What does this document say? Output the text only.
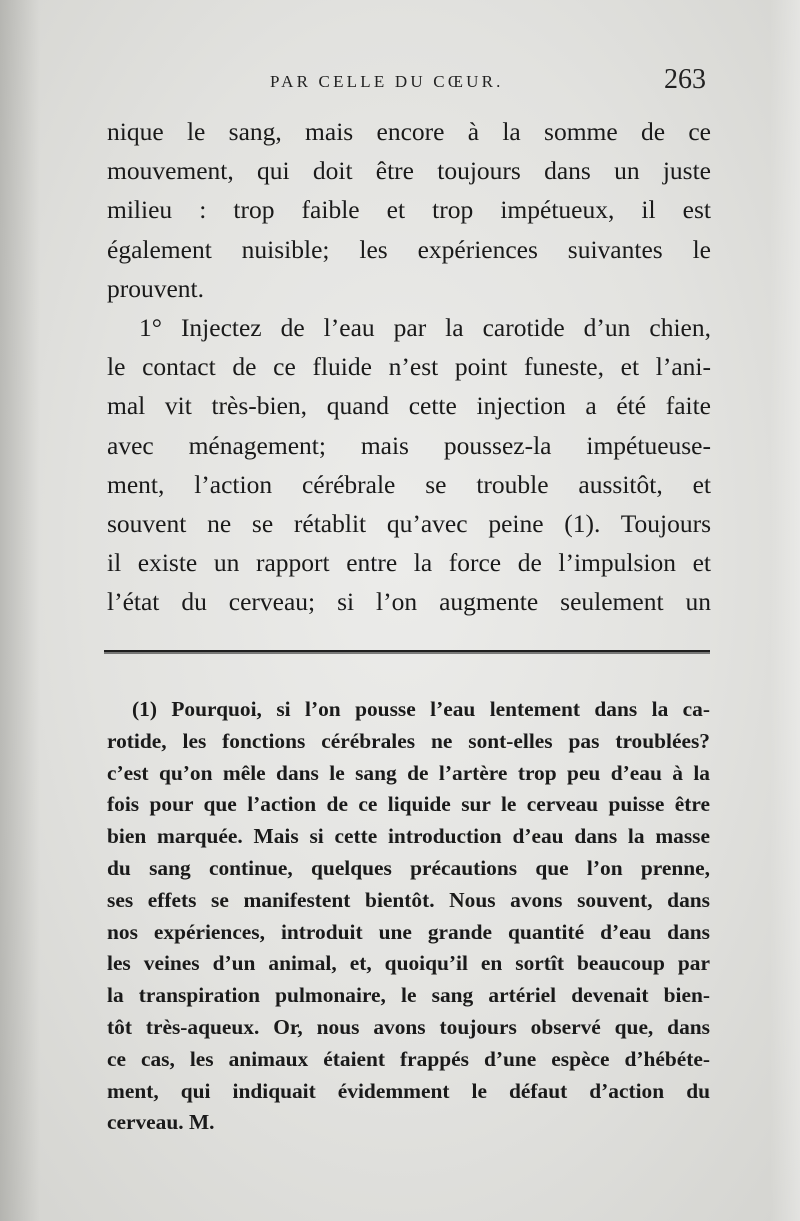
PAR CELLE DU CŒUR.	263
nique le sang, mais encore à la somme de ce
mouvement, qui doit être toujours dans un juste
milieu : trop faible et trop impétueux, il est
également nuisible; les expériences suivantes le
prouvent.
1° Injectez de l’eau par la carotide d’un chien,
le contact de ce fluide n’est point funeste, et l’ani-
mal vit très-bien, quand cette injection a été faite
avec ménagement; mais poussez-la impétueuse-
ment, l’action cérébrale se trouble aussitôt, et
souvent ne se rétablit qu’avec peine (1). Toujours
il existe un rapport entre la force de l’impulsion et
l’état du cerveau; si l’on augmente seulement un
(1) Pourquoi, si l’on pousse l’eau lentement dans la ca-
rotide, les fonctions cérébrales ne sont-elles pas troublées?
c’est qu’on mêle dans le sang de l’artère trop peu d’eau à la
fois pour que l’action de ce liquide sur le cerveau puisse être
bien marquée. Mais si cette introduction d’eau dans la masse
du sang continue, quelques précautions que l’on prenne,
ses effets se manifestent bientôt. Nous avons souvent, dans
nos expériences, introduit une grande quantité d’eau dans
les veines d’un animal, et, quoiqu’il en sortît beaucoup par
la transpiration pulmonaire, le sang artériel devenait bien-
tôt très-aqueux. Or, nous avons toujours observé que, dans
ce cas, les animaux étaient frappés d’une espèce d’hébéte-
ment, qui indiquait évidemment le défaut d’action du
cerveau. M.
